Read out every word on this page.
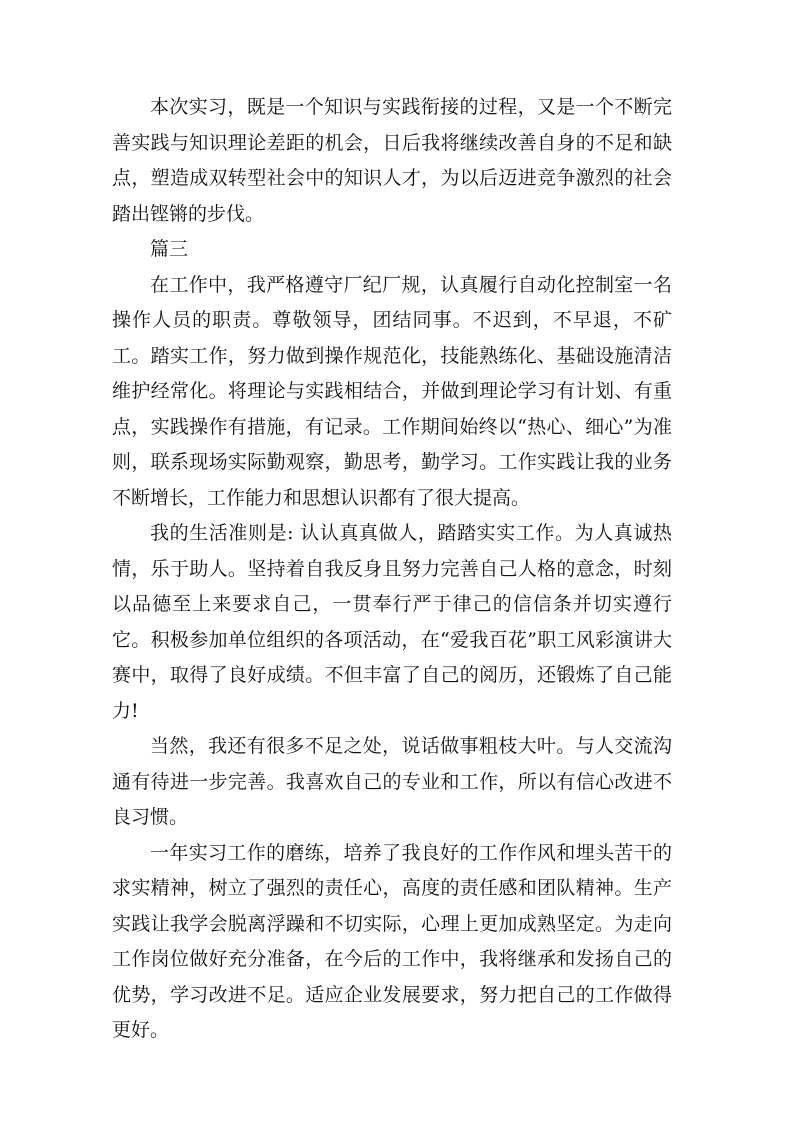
本次实习，既是一个知识与实践衔接的过程，又是一个不断完善实践与知识理论差距的机会，日后我将继续改善自身的不足和缺点，塑造成双转型社会中的知识人才，为以后迈进竞争激烈的社会踏出铿锵的步伐。

篇三

在工作中，我严格遵守厂纪厂规，认真履行自动化控制室一名操作人员的职责。尊敬领导，团结同事。不迟到，不早退，不矿工。踏实工作，努力做到操作规范化，技能熟练化、基础设施清洁维护经常化。将理论与实践相结合，并做到理论学习有计划、有重点，实践操作有措施，有记录。工作期间始终以“热心、细心”为准则，联系现场实际勤观察，勤思考，勤学习。工作实践让我的业务不断增长，工作能力和思想认识都有了很大提高。

我的生活准则是: 认认真真做人，踏踏实实工作。为人真诚热情，乐于助人。坚持着自我反身且努力完善自己人格的意念，时刻以品德至上来要求自己，一贯奉行严于律己的信信条并切实遵行它。积极参加单位组织的各项活动，在“爱我百花”职工风彩演讲大赛中，取得了良好成绩。不但丰富了自己的阅历，还锻炼了自己能力!

当然，我还有很多不足之处，说话做事粗枝大叶。与人交流沟通有待进一步完善。我喜欢自己的专业和工作，所以有信心改进不良习惯。

一年实习工作的磨练，培养了我良好的工作作风和埋头苦干的求实精神，树立了强烈的责任心，高度的责任感和团队精神。生产实践让我学会脱离浮躁和不切实际，心理上更加成熟坚定。为走向工作岗位做好充分准备，在今后的工作中，我将继承和发扬自己的优势，学习改进不足。适应企业发展要求，努力把自己的工作做得更好。
